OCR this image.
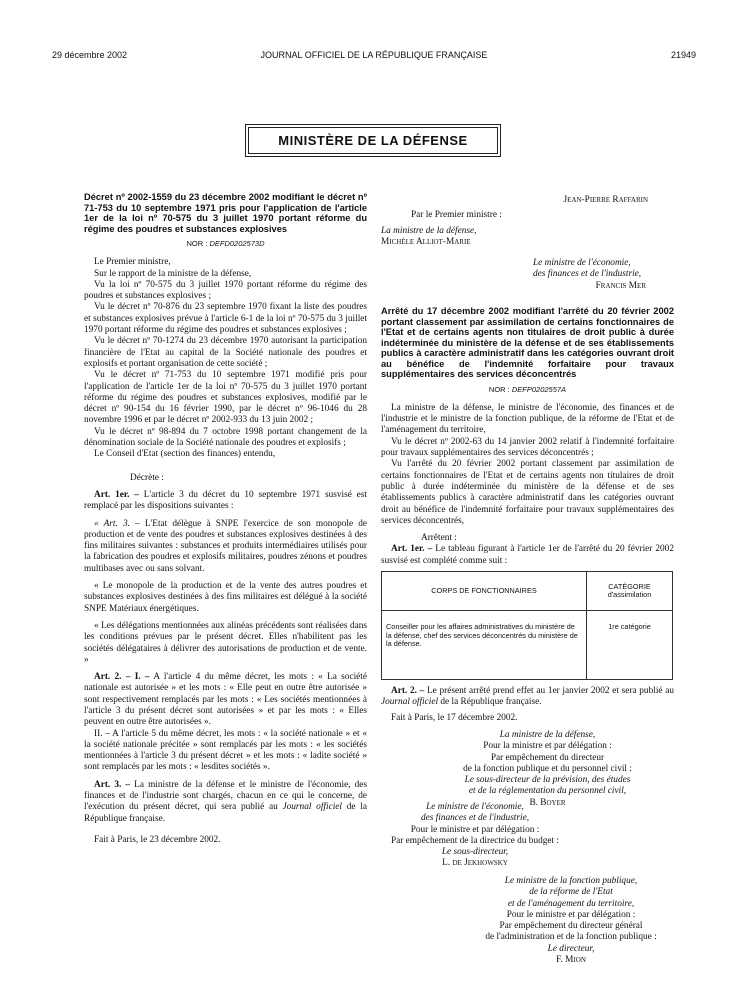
29 décembre 2002	JOURNAL OFFICIEL DE LA RÉPUBLIQUE FRANÇAISE	21949
MINISTÈRE DE LA DÉFENSE

Décret nº 2002-1559 du 23 décembre 2002 modifiant le décret nº 71-753 du 10 septembre 1971 pris pour l'application de l'article 1er de la loi nº 70-575 du 3 juillet 1970 portant réforme du régime des poudres et substances explosives

NOR : DEFD0202573D

Le Premier ministre,

Sur le rapport de la ministre de la défense,

Vu la loi nº 70-575 du 3 juillet 1970 portant réforme du régime des poudres et substances explosives ;

Vu le décret nº 70-876 du 23 septembre 1970 fixant la liste des poudres et substances explosives prévue à l'article 6-1 de la loi nº 70-575 du 3 juillet 1970 portant réforme du régime des poudres et substances explosives ;

Vu le décret nº 70-1274 du 23 décembre 1970 autorisant la participation financière de l'Etat au capital de la Société nationale des poudres et explosifs et portant organisation de cette société ;

Vu le décret nº 71-753 du 10 septembre 1971 modifié pris pour l'application de l'article 1er de la loi nº 70-575 du 3 juillet 1970 portant réforme du régime des poudres et substances explosives, modifié par le décret nº 90-154 du 16 février 1990, par le décret nº 96-1046 du 28 novembre 1996 et par le décret nº 2002-933 du 13 juin 2002 ;

Vu le décret nº 98-894 du 7 octobre 1998 portant changement de la dénomination sociale de la Société nationale des poudres et explosifs ;

Le Conseil d'Etat (section des finances) entendu,

Décrète :

Art. 1er. – L'article 3 du décret du 10 septembre 1971 susvisé est remplacé par les dispositions suivantes :

« Art. 3. – L'Etat délègue à SNPE l'exercice de son monopole de production et de vente des poudres et substances explosives destinées à des fins militaires suivantes : substances et produits intermédiaires utilisés pour la fabrication des poudres et explosifs militaires, poudres zénons et poudres multibases avec ou sans solvant.

« Le monopole de la production et de la vente des autres poudres et substances explosives destinées à des fins militaires est délégué à la société SNPE Matériaux énergétiques.

« Les délégations mentionnées aux alinéas précédents sont réalisées dans les conditions prévues par le présent décret. Elles n'habilitent pas les sociétés délégataires à délivrer des autorisations de production et de vente. »

Art. 2. – I. – A l'article 4 du même décret, les mots : « La société nationale est autorisée » et les mots : « Elle peut en outre être autorisée » sont respectivement remplacés par les mots : « Les sociétés mentionnées à l'article 3 du présent décret sont autorisées » et par les mots : « Elles peuvent en outre être autorisées ».

II. – A l'article 5 du même décret, les mots : « la société nationale » et « la société nationale précitée » sont remplacés par les mots : « les sociétés mentionnées à l'article 3 du présent décret » et les mots : « ladite société » sont remplacés par les mots : « lesdites sociétés ».

Art. 3. – La ministre de la défense et le ministre de l'économie, des finances et de l'industrie sont chargés, chacun en ce qui le concerne, de l'exécution du présent décret, qui sera publié au Journal officiel de la République française.

Fait à Paris, le 23 décembre 2002.

Jean-Pierre Raffarin

Par le Premier ministre :

La ministre de la défense,

Michèle Alliot-Marie

Le ministre de l'économie,

des finances et de l'industrie,

Francis Mer

Arrêté du 17 décembre 2002 modifiant l'arrêté du 20 février 2002 portant classement par assimilation de certains fonctionnaires de l'Etat et de certains agents non titulaires de droit public à durée indéterminée du ministère de la défense et de ses établissements publics à caractère administratif dans les catégories ouvrant droit au bénéfice de l'indemnité forfaitaire pour travaux supplémentaires des services déconcentrés

NOR : DEFP0202557A

La ministre de la défense, le ministre de l'économie, des finances et de l'industrie et le ministre de la fonction publique, de la réforme de l'Etat et de l'aménagement du territoire,

Vu le décret nº 2002-63 du 14 janvier 2002 relatif à l'indemnité forfaitaire pour travaux supplémentaires des services déconcentrés ;

Vu l'arrêté du 20 février 2002 portant classement par assimilation de certains fonctionnaires de l'Etat et de certains agents non titulaires de droit public à durée indéterminée du ministère de la défense et de ses établissements publics à caractère administratif dans les catégories ouvrant droit au bénéfice de l'indemnité forfaitaire pour travaux supplémentaires des services déconcentrés,

Arrêtent :

Art. 1er. – Le tableau figurant à l'article 1er de l'arrêté du 20 février 2002 susvisé est complété comme suit :

CORPS DE FONCTIONNAIRES	CATÉGORIE
d'assimilation
Conseiller pour les affaires administratives du ministère de la défense, chef des services déconcentrés du ministère de la défense.	1re catégorie

Art. 2. – Le présent arrêté prend effet au 1er janvier 2002 et sera publié au Journal officiel de la République française.

Fait à Paris, le 17 décembre 2002.

La ministre de la défense,
Pour la ministre et par délégation :
Par empêchement du directeur
de la fonction publique et du personnel civil :
Le sous-directeur de la prévision, des études
et de la réglementation du personnel civil,
B. Boyer
Le ministre de l'économie,
des finances et de l'industrie,
Pour le ministre et par délégation :
Par empêchement de la directrice du budget :
Le sous-directeur,
L. de Jekhowsky
Le ministre de la fonction publique,
de la réforme de l'Etat
et de l'aménagement du territoire,
Pour le ministre et par délégation :
Par empêchement du directeur général
de l'administration et de la fonction publique :
Le directeur,
F. Mion
